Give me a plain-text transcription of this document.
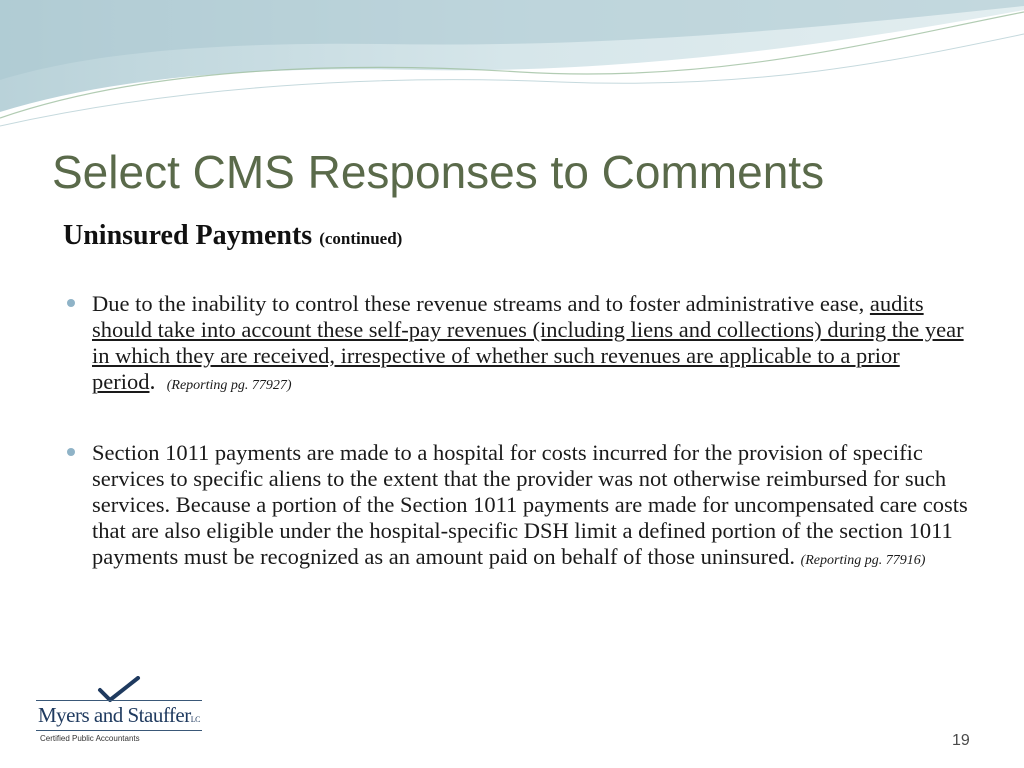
Select CMS Responses to Comments

Uninsured Payments (continued)

Due to the inability to control these revenue streams and to foster administrative ease, audits should take into account these self-pay revenues (including liens and collections) during the year in which they are received, irrespective of whether such revenues are applicable to a prior period. (Reporting pg. 77927)
Section 1011 payments are made to a hospital for costs incurred for the provision of specific services to specific aliens to the extent that the provider was not otherwise reimbursed for such services. Because a portion of the Section 1011 payments are made for uncompensated care costs that are also eligible under the hospital-specific DSH limit a defined portion of the section 1011 payments must be recognized as an amount paid on behalf of those uninsured. (Reporting pg. 77916)

Myers and StaufferLC

Certified Public Accountants	19
